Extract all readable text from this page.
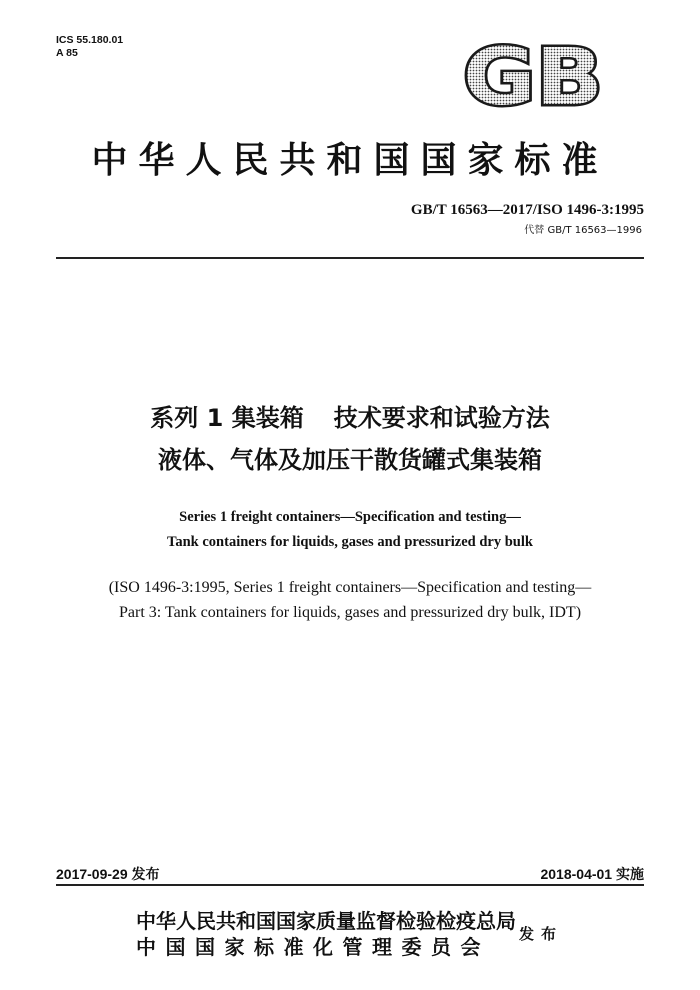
ICS 55.180.01
A 85	GB
中华人民共和国国家标准
GB/T 16563—2017/ISO 1496-3:1995
代替 GB/T 16563—1996
系列 1 集装箱 技术要求和试验方法
液体、气体及加压干散货罐式集装箱
Series 1 freight containers—Specification and testing—
Tank containers for liquids, gases and pressurized dry bulk
(ISO 1496-3:1995, Series 1 freight containers—Specification and testing—
Part 3: Tank containers for liquids, gases and pressurized dry bulk, IDT)
2017-09-29 发布	2018-04-01 实施
中华人民共和国国家质量监督检验检疫总局
中国国家标准化管理委员会
发布
